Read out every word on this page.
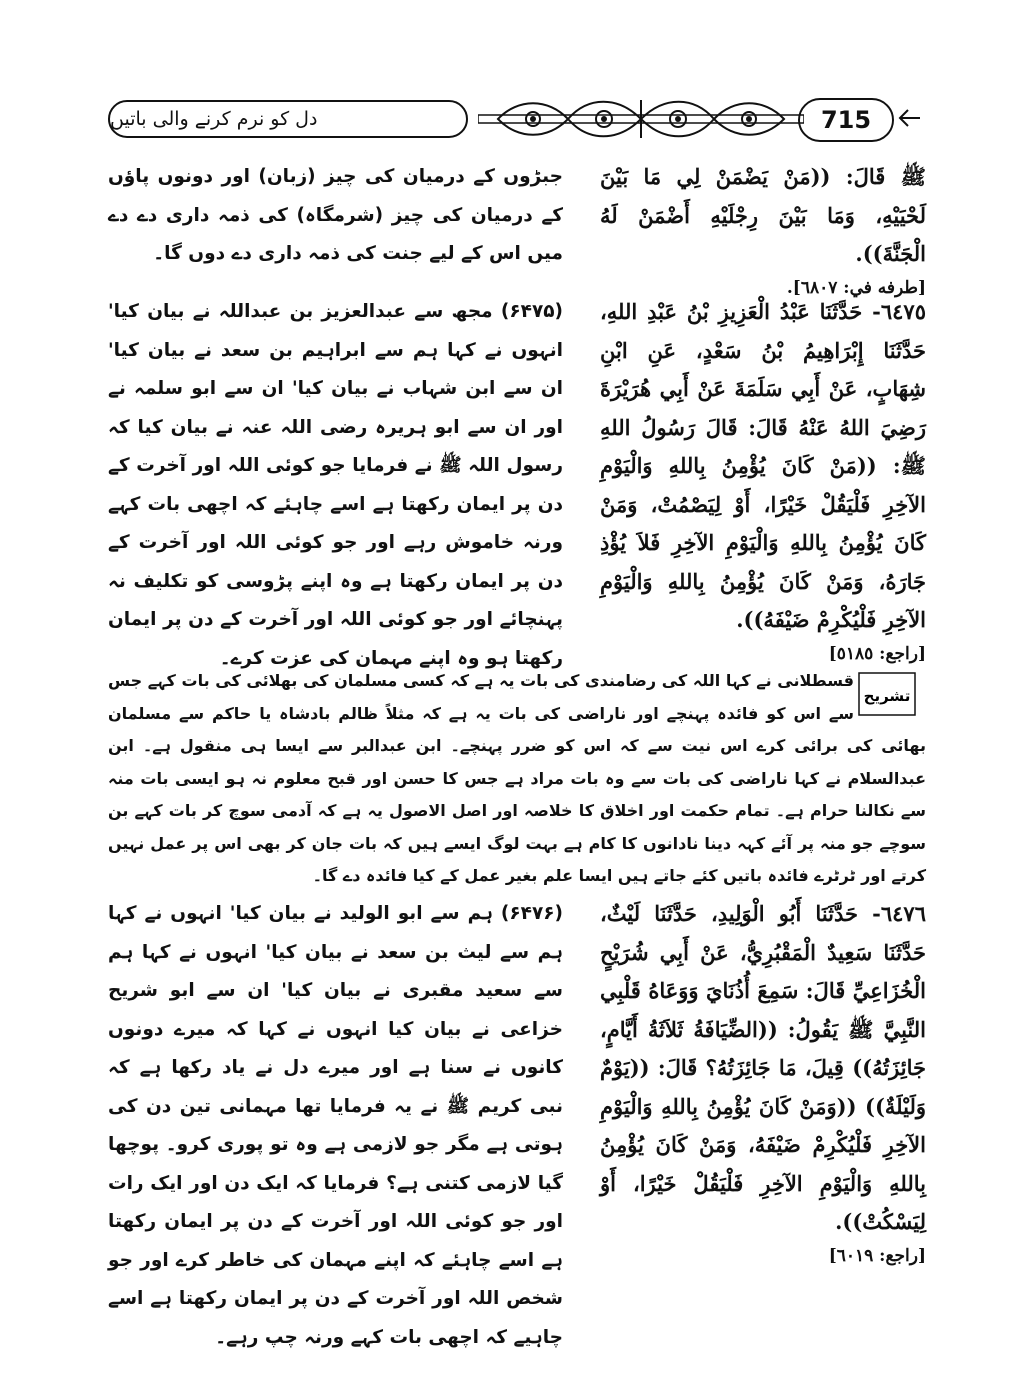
دل کو نرم کرنے والی باتیں	715

ﷺ قَالَ: ((مَنْ يَضْمَنْ لِي مَا بَيْنَ لَحْيَيْهِ، وَمَا بَيْنَ رِجْلَيْهِ أَضْمَنْ لَهُ الْجَنَّةَ)).

[طرفه في: ٦٨٠٧].

جبڑوں کے درمیان کی چیز (زبان) اور دونوں پاؤں کے درمیان کی چیز (شرمگاہ) کی ذمہ داری دے دے میں اس کے لیے جنت کی ذمہ داری دے دوں گا۔

٦٤٧٥- حَدَّثَنَا عَبْدُ الْعَزِيزِ بْنُ عَبْدِ اللهِ، حَدَّثَنَا إِبْرَاهِيمُ بْنُ سَعْدٍ، عَنِ ابْنِ شِهَابٍ، عَنْ أَبِي سَلَمَةَ عَنْ أَبِي هُرَيْرَةَ رَضِيَ اللهُ عَنْهُ قَالَ: قَالَ رَسُولُ اللهِ ﷺ: ((مَنْ كَانَ يُؤْمِنُ بِاللهِ وَالْيَوْمِ الآخِرِ فَلْيَقُلْ خَيْرًا، أَوْ لِيَصْمُتْ، وَمَنْ كَانَ يُؤْمِنُ بِاللهِ وَالْيَوْمِ الآخِرِ فَلاَ يُؤْذِ جَارَهُ، وَمَنْ كَانَ يُؤْمِنُ بِاللهِ وَالْيَوْمِ الآخِرِ فَلْيُكْرِمْ ضَيْفَهُ)).

[راجع: ٥١٨٥]

(۶۴۷۵) مجھ سے عبدالعزیز بن عبداللہ نے بیان کیا' انہوں نے کہا ہم سے ابراہیم بن سعد نے بیان کیا' ان سے ابن شہاب نے بیان کیا' ان سے ابو سلمہ نے اور ان سے ابو ہریرہ رضی اللہ عنہ نے بیان کیا کہ رسول اللہ ﷺ نے فرمایا جو کوئی اللہ اور آخرت کے دن پر ایمان رکھتا ہے اسے چاہئے کہ اچھی بات کہے ورنہ خاموش رہے اور جو کوئی اللہ اور آخرت کے دن پر ایمان رکھتا ہے وہ اپنے پڑوسی کو تکلیف نہ پہنچائے اور جو کوئی اللہ اور آخرت کے دن پر ایمان رکھتا ہو وہ اپنے مہمان کی عزت کرے۔

تشریح
قسطلانی نے کہا اللہ کی رضامندی کی بات یہ ہے کہ کسی مسلمان کی بھلائی کی بات کہے جس سے اس کو فائدہ پہنچے اور ناراضی کی بات یہ ہے کہ مثلاً ظالم بادشاہ یا حاکم سے مسلمان بھائی کی برائی کرے اس نیت سے کہ اس کو ضرر پہنچے۔ ابن عبدالبر سے ایسا ہی منقول ہے۔ ابن عبدالسلام نے کہا ناراضی کی بات سے وہ بات مراد ہے جس کا حسن اور قبح معلوم نہ ہو ایسی بات منہ سے نکالنا حرام ہے۔ تمام حکمت اور اخلاق کا خلاصہ اور اصل الاصول یہ ہے کہ آدمی سوچ کر بات کہے بن سوچے جو منہ پر آئے کہہ دینا نادانوں کا کام ہے بہت لوگ ایسے ہیں کہ بات جان کر بھی اس پر عمل نہیں کرتے اور ٹرٹرے فائدہ باتیں کئے جاتے ہیں ایسا علم بغیر عمل کے کیا فائدہ دے گا۔

٦٤٧٦- حَدَّثَنَا أَبُو الْوَلِيدِ، حَدَّثَنَا لَيْثٌ، حَدَّثَنَا سَعِيدٌ الْمَقْبُرِيُّ، عَنْ أَبِي شُرَيْحٍ الْخُزَاعِيِّ قَالَ: سَمِعَ أُذُنَايَ وَوَعَاهُ قَلْبِي النَّبِيَّ ﷺ يَقُولُ: ((الضِّيَافَةُ ثَلاَثَةُ أَيَّامٍ، جَائِزَتُهُ)) قِيلَ، مَا جَائِزَتُهُ؟ قَالَ: ((يَوْمٌ وَلَيْلَةٌ)) ((وَمَنْ كَانَ يُؤْمِنُ بِاللهِ وَالْيَوْمِ الآخِرِ فَلْيُكْرِمْ ضَيْفَهُ، وَمَنْ كَانَ يُؤْمِنُ بِاللهِ وَالْيَوْمِ الآخِرِ فَلْيَقُلْ خَيْرًا، أَوْ لِيَسْكُتْ)).

[راجع: ٦٠١٩]

(۶۴۷۶) ہم سے ابو الولید نے بیان کیا' انہوں نے کہا ہم سے لیث بن سعد نے بیان کیا' انہوں نے کہا ہم سے سعید مقبری نے بیان کیا' ان سے ابو شریح خزاعی نے بیان کیا انہوں نے کہا کہ میرے دونوں کانوں نے سنا ہے اور میرے دل نے یاد رکھا ہے کہ نبی کریم ﷺ نے یہ فرمایا تھا مہمانی تین دن کی ہوتی ہے مگر جو لازمی ہے وہ تو پوری کرو۔ پوچھا گیا لازمی کتنی ہے؟ فرمایا کہ ایک دن اور ایک رات اور جو کوئی اللہ اور آخرت کے دن پر ایمان رکھتا ہے اسے چاہئے کہ اپنے مہمان کی خاطر کرے اور جو شخص اللہ اور آخرت کے دن پر ایمان رکھتا ہے اسے چاہیے کہ اچھی بات کہے ورنہ چپ رہے۔
